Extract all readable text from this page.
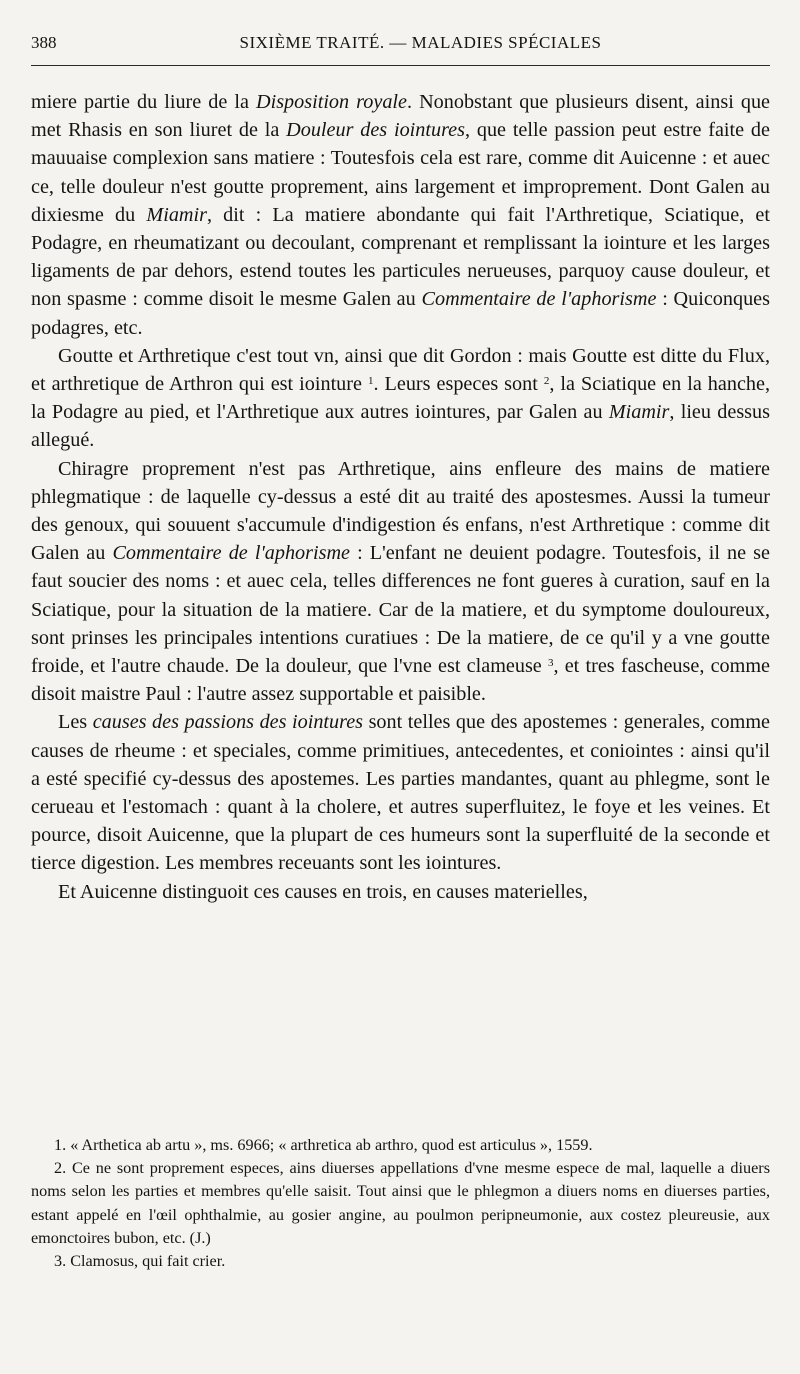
388	SIXIÈME TRAITÉ. — MALADIES SPÉCIALES

miere partie du liure de la Disposition royale. Nonobstant que plusieurs disent, ainsi que met Rhasis en son liuret de la Douleur des iointures, que telle passion peut estre faite de mauuaise complexion sans matiere : Toutesfois cela est rare, comme dit Auicenne : et auec ce, telle douleur n'est goutte proprement, ains largement et improprement. Dont Galen au dixiesme du Miamir, dit : La matiere abondante qui fait l'Arthretique, Sciatique, et Podagre, en rheumatizant ou decoulant, comprenant et remplissant la iointure et les larges ligaments de par dehors, estend toutes les particules nerueuses, parquoy cause douleur, et non spasme : comme disoit le mesme Galen au Commentaire de l'aphorisme : Quiconques podagres, etc.

Goutte et Arthretique c'est tout vn, ainsi que dit Gordon : mais Goutte est ditte du Flux, et arthretique de Arthron qui est iointure $^1$. Leurs especes sont $^2$, la Sciatique en la hanche, la Podagre au pied, et l'Arthretique aux autres iointures, par Galen au Miamir, lieu dessus allegué.

Chiragre proprement n'est pas Arthretique, ains enfleure des mains de matiere phlegmatique : de laquelle cy-dessus a esté dit au traité des apostesmes. Aussi la tumeur des genoux, qui souuent s'accumule d'indigestion és enfans, n'est Arthretique : comme dit Galen au Commentaire de l'aphorisme : L'enfant ne deuient podagre. Toutesfois, il ne se faut soucier des noms : et auec cela, telles differences ne font gueres à curation, sauf en la Sciatique, pour la situation de la matiere. Car de la matiere, et du symptome douloureux, sont prinses les principales intentions curatiues : De la matiere, de ce qu'il y a vne goutte froide, et l'autre chaude. De la douleur, que l'vne est clameuse $^3$, et tres fascheuse, comme disoit maistre Paul : l'autre assez supportable et paisible.

Les causes des passions des iointures sont telles que des apostemes : generales, comme causes de rheume : et speciales, comme primitiues, antecedentes, et coniointes : ainsi qu'il a esté specifié cy-dessus des apostemes. Les parties mandantes, quant au phlegme, sont le cerueau et l'estomach : quant à la cholere, et autres superfluitez, le foye et les veines. Et pource, disoit Auicenne, que la plupart de ces humeurs sont la superfluité de la seconde et tierce digestion. Les membres receuants sont les iointures.

Et Auicenne distinguoit ces causes en trois, en causes materielles,

1. « Arthetica ab artu », ms. 6966; « arthretica ab arthro, quod est articulus », 1559.

2. Ce ne sont proprement especes, ains diuerses appellations d'vne mesme espece de mal, laquelle a diuers noms selon les parties et membres qu'elle saisit. Tout ainsi que le phlegmon a diuers noms en diuerses parties, estant appelé en l'œil ophthalmie, au gosier angine, au poulmon peripneumonie, aux costez pleureusie, aux emonctoires bubon, etc. (J.)

3. Clamosus, qui fait crier.
